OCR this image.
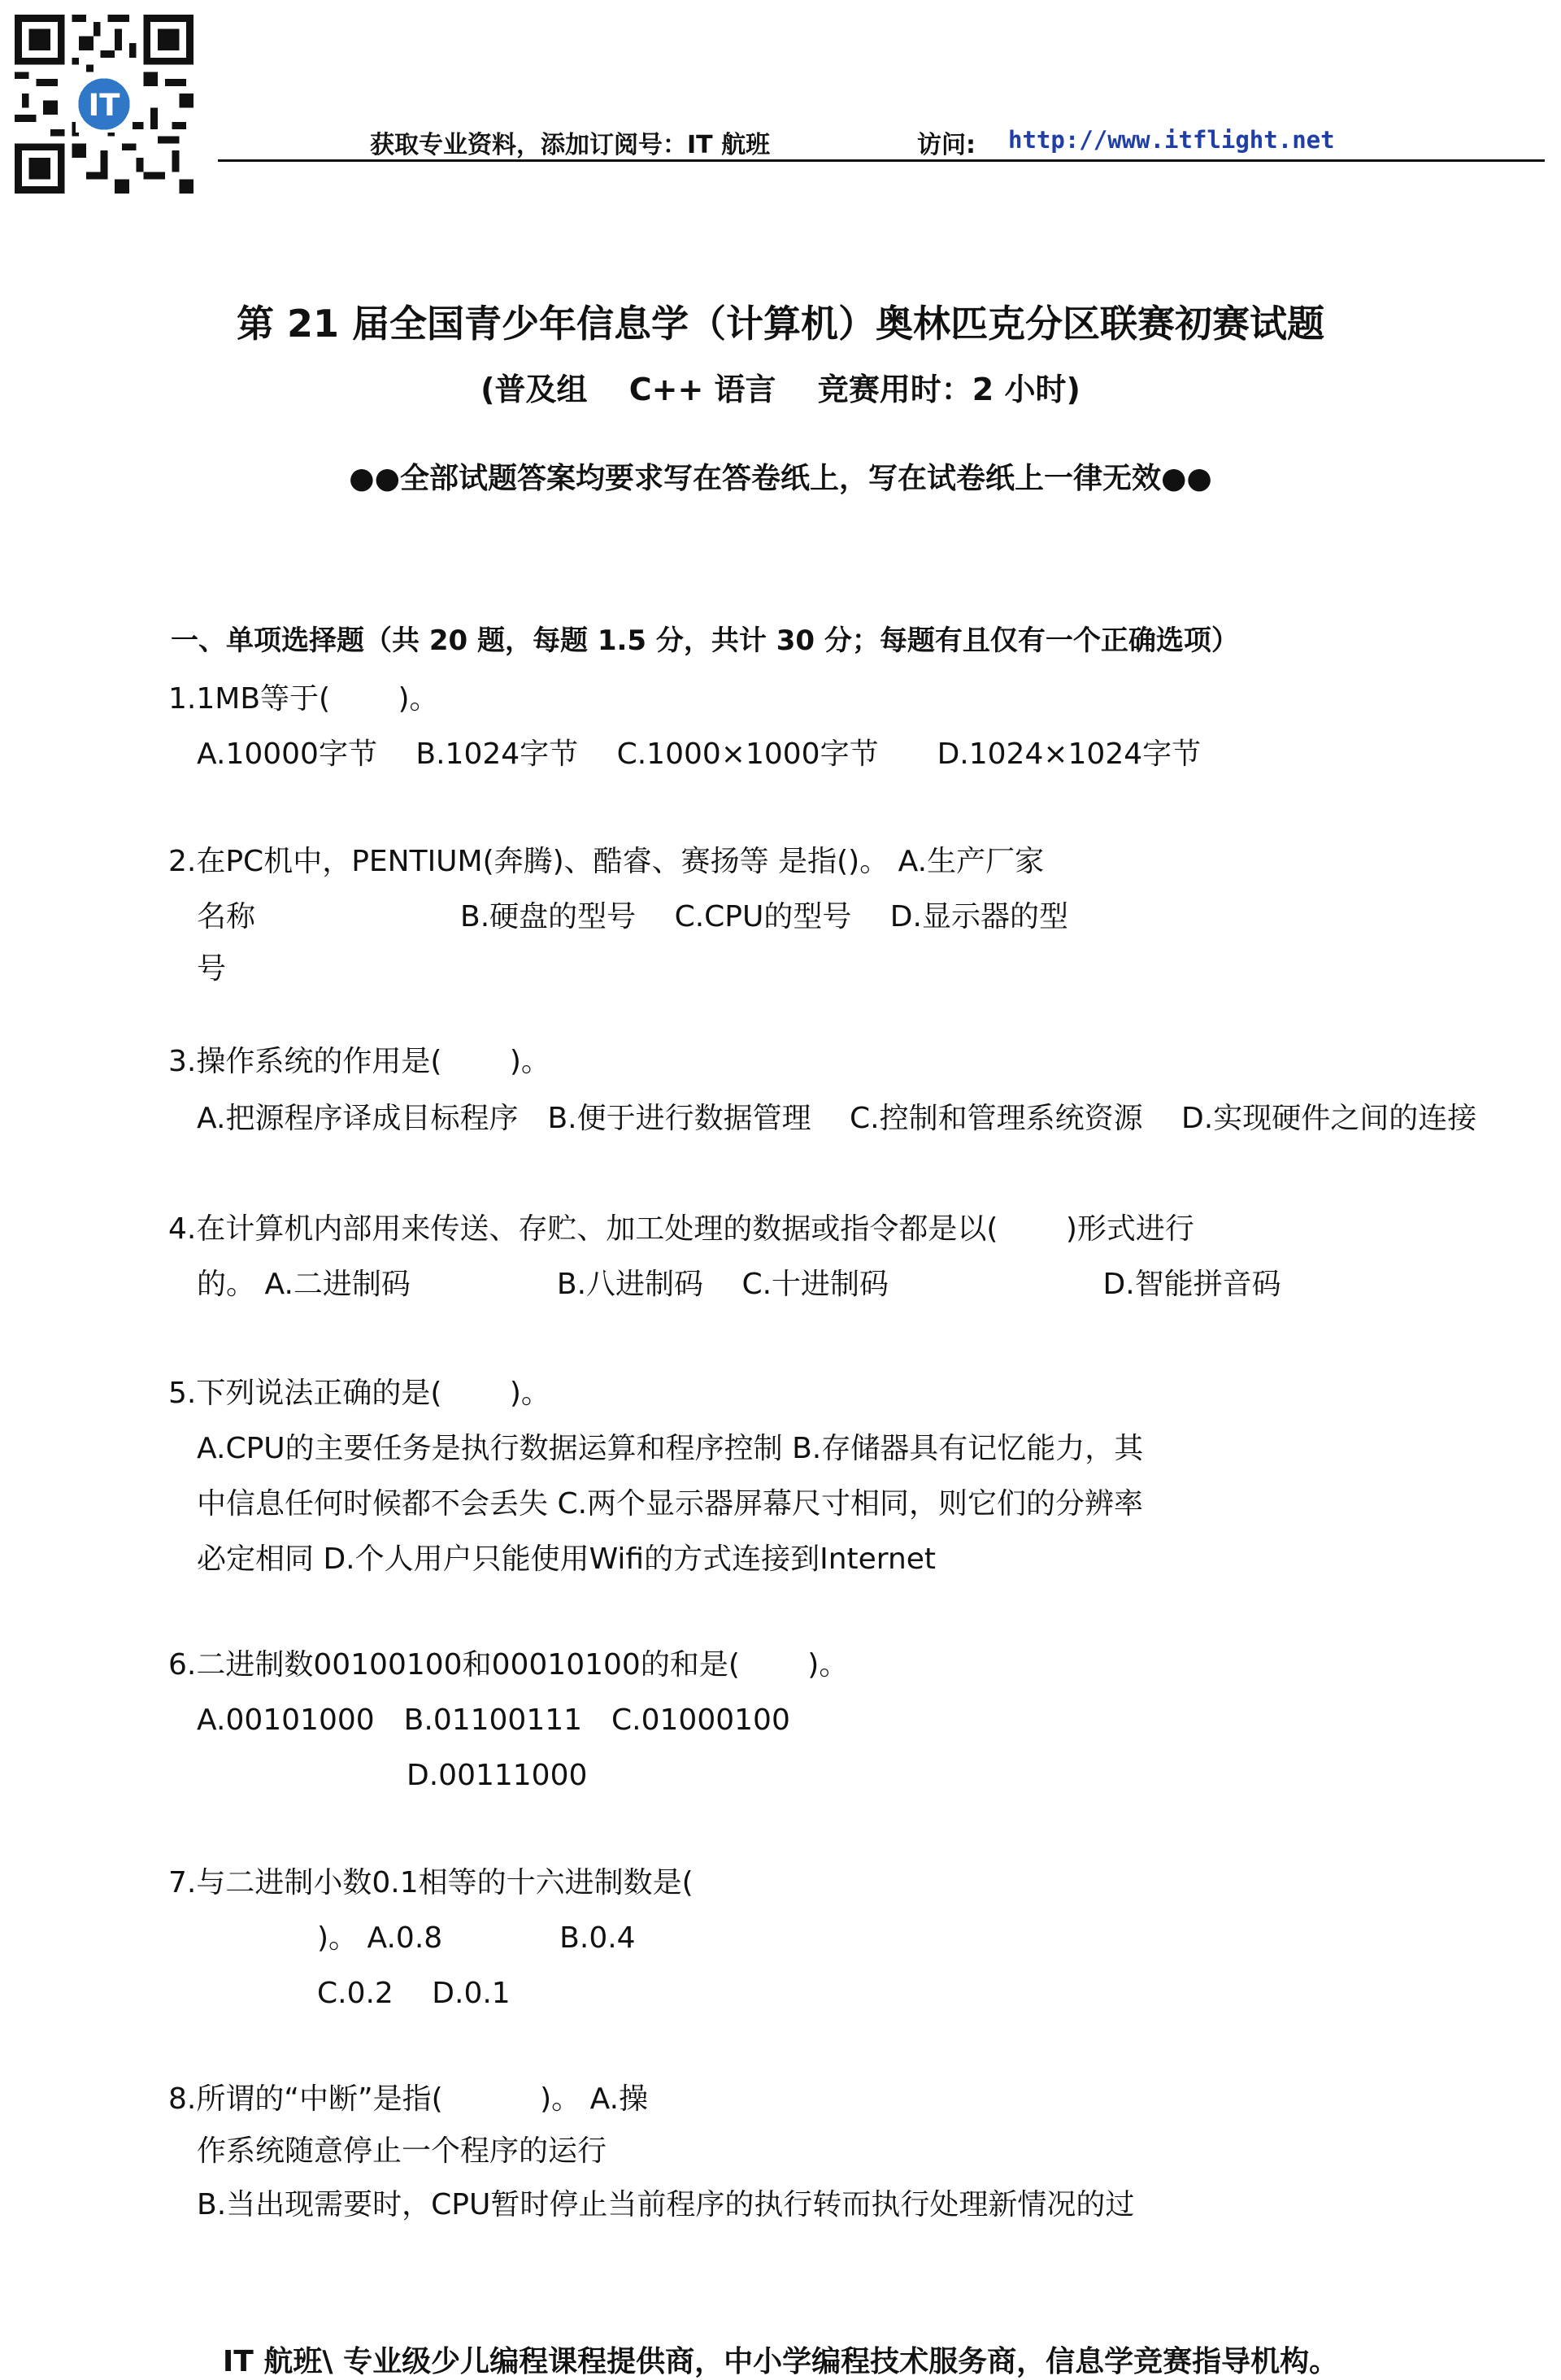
IT
获取专业资料，添加订阅号：IT 航班	访问: http://www.itflight.net
第 21 届全国青少年信息学（计算机）奥林匹克分区联赛初赛试题
(普及组　 C++ 语言　 竞赛用时：2 小时)
●●全部试题答案均要求写在答卷纸上，写在试卷纸上一律无效●●
一、单项选择题（共 20 题，每题 1.5 分，共计 30 分；每题有且仅有一个正确选项）
1.1MB等于(　　 )。
A.10000字节　 B.1024字节　 C.1000×1000字节　　D.1024×1024字节
2.在PC机中，PENTIUM(奔腾)、酷睿、赛扬等 是指()。 A.生产厂家
名称　　　　　　　B.硬盘的型号　 C.CPU的型号　 D.显示器的型
号
3.操作系统的作用是(　　 )。
A.把源程序译成目标程序　B.便于进行数据管理　 C.控制和管理系统资源　 D.实现硬件之间的连接
4.在计算机内部用来传送、存贮、加工处理的数据或指令都是以(　　 )形式进行
的。 A.二进制码　　　　　B.八进制码　 C.十进制码　　　　　　　 D.智能拼音码
5.下列说法正确的是(　　 )。
A.CPU的主要任务是执行数据运算和程序控制 B.存储器具有记忆能力，其
中信息任何时候都不会丢失 C.两个显示器屏幕尺寸相同，则它们的分辨率
必定相同 D.个人用户只能使用Wifi的方式连接到Internet
6.二进制数00100100和00010100的和是(　　 )。
A.00101000　B.01100111　C.01000100
D.00111000
7.与二进制小数0.1相等的十六进制数是(
)。 A.0.8　　　　B.0.4
C.0.2　 D.0.1
8.所谓的“中断”是指(　　　 )。 A.操
作系统随意停止一个程序的运行
B.当出现需要时，CPU暂时停止当前程序的执行转而执行处理新情况的过
IT 航班\ 专业级少儿编程课程提供商，中小学编程技术服务商，信息学竞赛指导机构。
